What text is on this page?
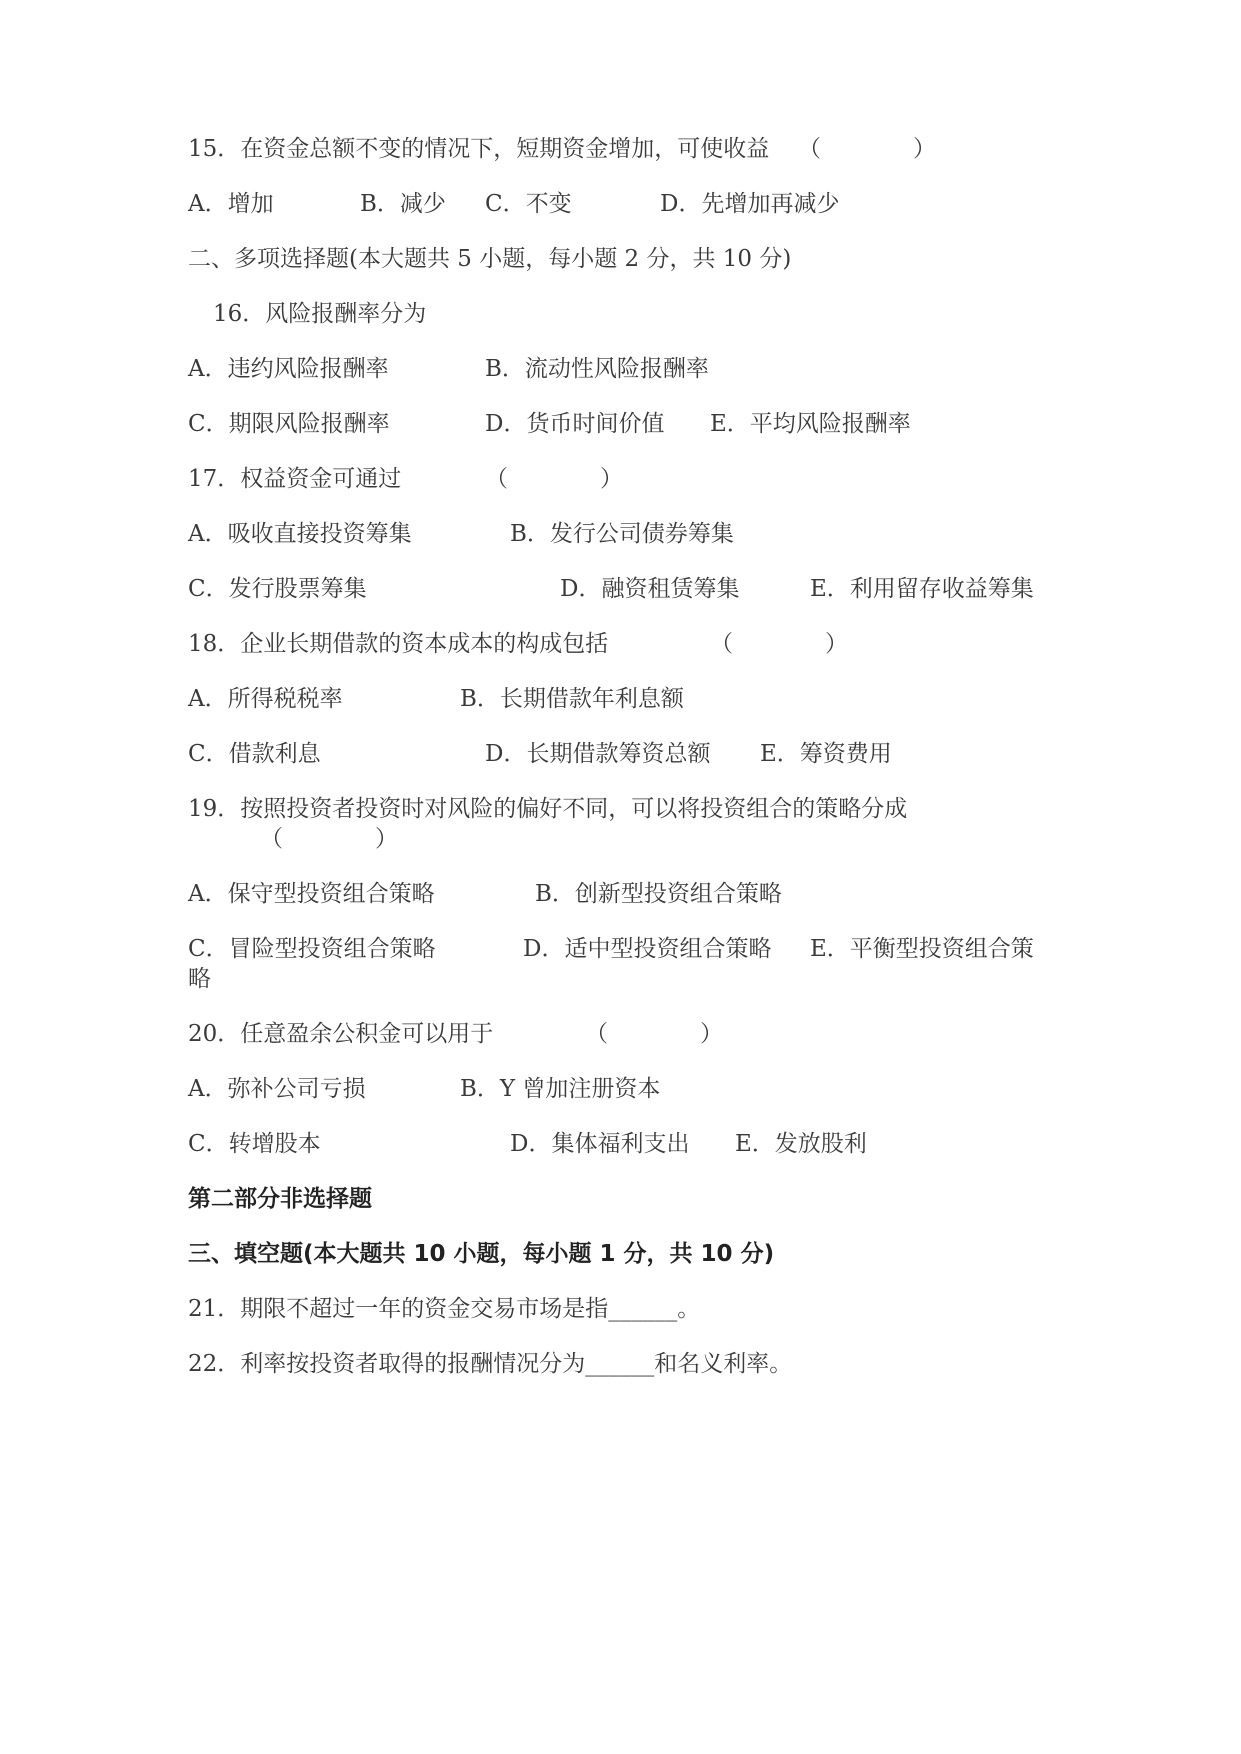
15．在资金总额不变的情况下，短期资金增加，可使收益 （　　　　）
A．增加	B．减少 C．不变	D．先增加再减少
二、多项选择题(本大题共 5 小题，每小题 2 分，共 10 分)
16．风险报酬率分为
A．违约风险报酬率	B．流动性风险报酬率
C．期限风险报酬率	D．货币时间价值 E．平均风险报酬率
17．权益资金可通过	（　　　　）
A．吸收直接投资筹集	B．发行公司债券筹集
C．发行股票筹集	D．融资租赁筹集	E．利用留存收益筹集
18．企业长期借款的资本成本的构成包括	（　　　　）
A．所得税税率	B．长期借款年利息额
C．借款利息	D．长期借款筹资总额 E．筹资费用
19．按照投资者投资时对风险的偏好不同，可以将投资组合的策略分成
（　　　　）
A．保守型投资组合策略	B．创新型投资组合策略
C．冒险型投资组合策略	D．适中型投资组合策略 E．平衡型投资组合策
略
20．任意盈余公积金可以用于	（　　　　）
A．弥补公司亏损	B．Y 曾加注册资本
C．转增股本	D．集体福利支出 E．发放股利
第二部分非选择题
三、填空题(本大题共 10 小题，每小题 1 分，共 10 分)
21．期限不超过一年的资金交易市场是指______。
22．利率按投资者取得的报酬情况分为______和名义利率。
